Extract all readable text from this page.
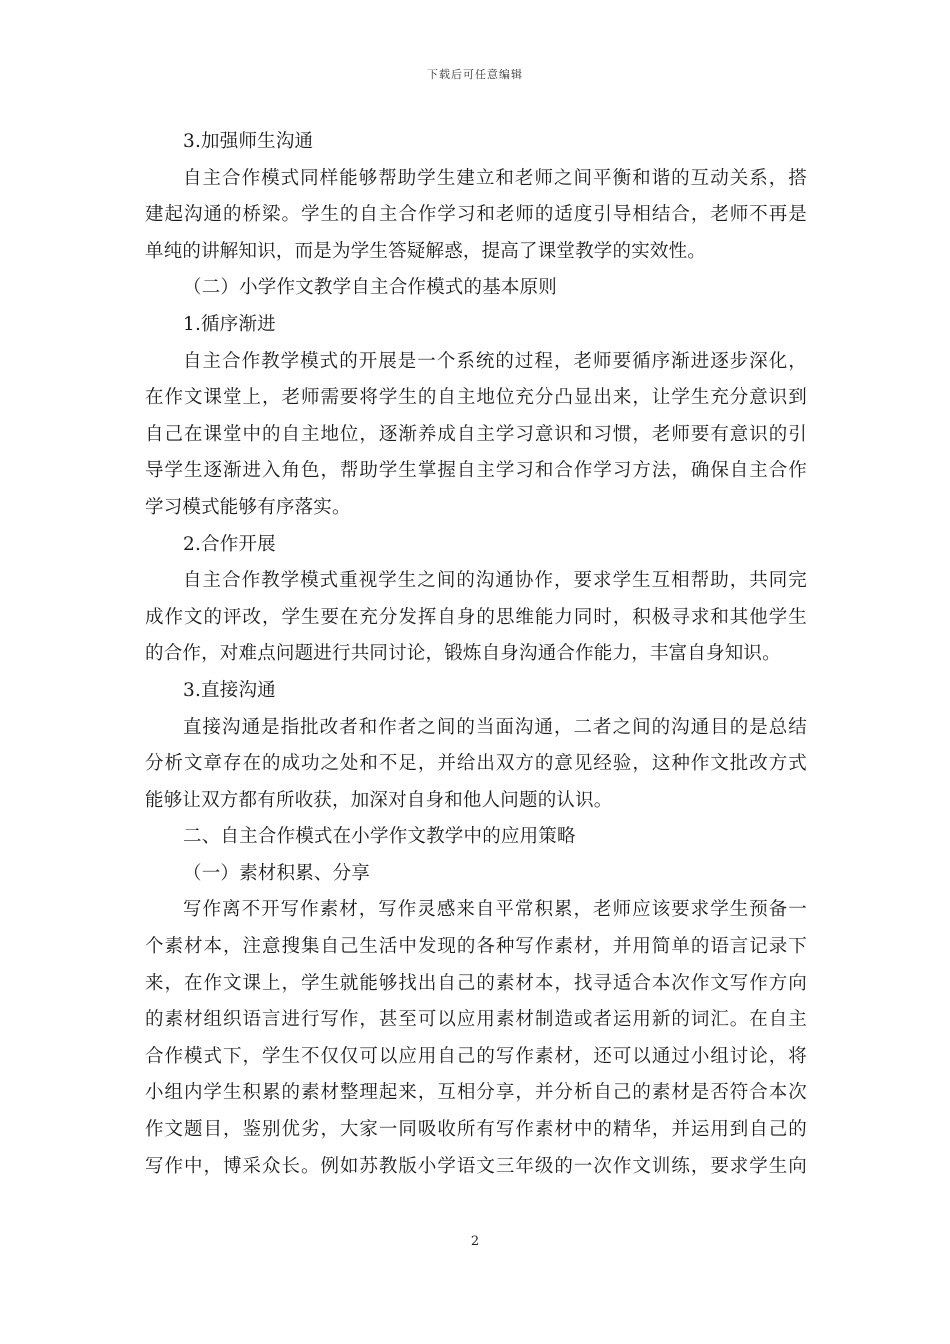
下载后可任意编辑
3.加强师生沟通
自主合作模式同样能够帮助学生建立和老师之间平衡和谐的互动关系，搭
建起沟通的桥梁。学生的自主合作学习和老师的适度引导相结合，老师不再是
单纯的讲解知识，而是为学生答疑解惑，提高了课堂教学的实效性。
（二）小学作文教学自主合作模式的基本原则
1.循序渐进
自主合作教学模式的开展是一个系统的过程，老师要循序渐进逐步深化，
在作文课堂上，老师需要将学生的自主地位充分凸显出来，让学生充分意识到
自己在课堂中的自主地位，逐渐养成自主学习意识和习惯，老师要有意识的引
导学生逐渐进入角色，帮助学生掌握自主学习和合作学习方法，确保自主合作
学习模式能够有序落实。
2.合作开展
自主合作教学模式重视学生之间的沟通协作，要求学生互相帮助，共同完
成作文的评改，学生要在充分发挥自身的思维能力同时，积极寻求和其他学生
的合作，对难点问题进行共同讨论，锻炼自身沟通合作能力，丰富自身知识。
3.直接沟通
直接沟通是指批改者和作者之间的当面沟通，二者之间的沟通目的是总结
分析文章存在的成功之处和不足，并给出双方的意见经验，这种作文批改方式
能够让双方都有所收获，加深对自身和他人问题的认识。
二、自主合作模式在小学作文教学中的应用策略
（一）素材积累、分享
写作离不开写作素材，写作灵感来自平常积累，老师应该要求学生预备一
个素材本，注意搜集自己生活中发现的各种写作素材，并用简单的语言记录下
来，在作文课上，学生就能够找出自己的素材本，找寻适合本次作文写作方向
的素材组织语言进行写作，甚至可以应用素材制造或者运用新的词汇。在自主
合作模式下，学生不仅仅可以应用自己的写作素材，还可以通过小组讨论，将
小组内学生积累的素材整理起来，互相分享，并分析自己的素材是否符合本次
作文题目，鉴别优劣，大家一同吸收所有写作素材中的精华，并运用到自己的
写作中，博采众长。例如苏教版小学语文三年级的一次作文训练，要求学生向
2
